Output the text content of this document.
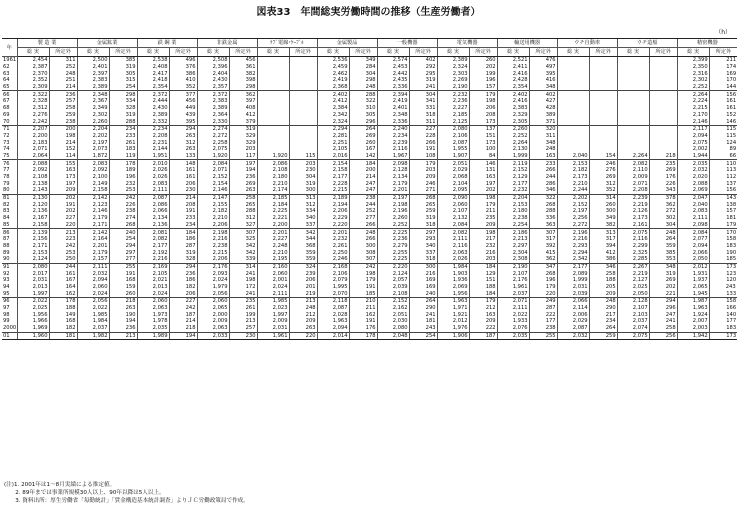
図表33　年間総実労働時間の推移（生産労働者）
（h）
年	製 造 業		金属鉱業		鉄 鋼 業		非鉄金属		ｹﾌﾞ電線･ｹｰﾌﾞﾙ		金属製品		一般機器		電気機器		輸送用機器		ウチ自動車		ウチ造船		精密機器		
	総 実	所定外	総 実	所定外	総 実	所定外	総 実	所定外	総 実	所定外	総 実	所定外	総 実	所定外	総 実	所定外	総 実	所定外	総 実	所定外	総 実	所定外	総 実	所定外	
1961	2,454	311	2,500	385	2,538	496	2,508	456			2,536	349	2,574	402	2,389	260	2,521	476					2,399	211	
62	2,387	252	2,401	319	2,408	376	2,396	361			2,459	284	2,453	292	2,324	202	2,411	497					2,350	174	
63	2,370	248	2,397	305	2,417	386	2,404	382			2,462	304	2,442	295	2,303	199	2,416	395					2,316	169	
64	2,352	251	2,383	315	2,418	410	2,430	398			2,419	298	2,435	319	2,269	196	2,428	416					2,302	170	
65	2,309	214	2,389	254	2,354	352	2,357	298			2,368	248	2,336	241	2,190	157	2,354	348					2,252	144	
66	2,322	236	2,348	298	2,372	377	2,372	362			2,402	288	2,394	304	2,232	179	2,402	402					2,264	156	
67	2,328	257	2,367	334	2,444	456	2,383	397			2,412	322	2,419	341	2,236	198	2,416	427					2,224	161	
68	2,312	258	2,349	328	2,430	449	2,389	408			2,384	310	2,401	331	2,227	206	2,383	428					2,215	161	
69	2,276	259	2,302	319	2,389	439	2,364	412			2,342	305	2,348	318	2,185	208	2,329	389					2,170	152	
70	2,242	238	2,260	288	2,332	395	2,330	379			2,324	296	2,336	311	2,125	173	2,305	371					2,146	146	
71	2,207	200	2,204	234	2,234	294	2,274	319			2,294	264	2,240	227	2,080	137	2,260	320					2,117	115	
72	2,200	198	2,202	233	2,208	263	2,272	329			2,281	269	2,234	228	2,106	151	2,252	311					2,094	115	
73	2,183	214	2,197	261	2,231	312	2,258	329			2,251	260	2,239	266	2,087	173	2,264	348					2,075	124	
74	2,071	152	2,073	183	2,144	263	2,075	203			2,105	167	2,116	191	1,955	100	2,130	248					2,002	89	
75	2,064	114	1,872	119	1,951	133	1,920	117	1,920	115	2,016	142	1,967	108	1,907	84	1,999	163	2,040	154	2,264	218	1,944	66	
76	2,088	155	2,083	178	2,010	148	2,084	197	2,086	203	2,154	184	2,098	179	2,051	146	2,119	233	2,153	246	2,082	235	2,035	110	
77	2,092	163	2,092	189	2,026	161	2,071	194	2,108	230	2,158	200	2,128	203	2,029	131	2,152	266	2,182	276	2,110	269	2,032	113	
78	2,108	173	2,100	196	2,026	161	2,152	236	2,180	304	2,177	214	2,134	209	2,068	163	2,129	244	2,173	269	2,009	176	2,020	112	
79	2,138	197	2,149	232	2,083	206	2,154	269	2,210	319	2,228	247	2,179	246	2,104	197	2,177	286	2,210	312	2,071	226	2,088	137	
80	2,143	209	2,158	253	2,111	230	2,146	263	2,174	300	2,215	247	2,201	271	2,095	202	2,232	346	2,244	352	2,208	343	2,069	156	
81	2,130	202	2,142	242	2,087	214	2,147	258	2,185	313	2,189	238	2,197	268	2,090	198	2,204	322	2,202	314	2,239	378	2,047	143	
82	2,120	191	2,123	226	2,086	208	2,155	265	2,184	312	2,194	244	2,198	265	2,060	179	2,153	268	2,152	260	2,219	362	2,040	138	
83	2,136	202	2,146	238	2,066	191	2,182	288	2,225	334	2,206	252	2,196	259	2,107	211	2,180	288	2,197	300	2,126	272	2,083	157	
84	2,167	227	2,179	274	2,134	233	2,210	312	2,221	340	2,229	277	2,260	319	2,132	235	2,238	336	2,256	349	2,173	302	2,111	181	
85	2,158	220	2,171	268	2,136	234	2,206	327	2,200	337	2,220	266	2,252	318	2,084	209	2,254	363	2,272	382	2,161	304	2,098	179	
86	2,139	213	2,142	240	2,081	184	2,198	307	2,201	342	2,201	248	2,225	297	2,082	198	2,186	307	2,196	313	2,075	248	2,084	170	
87	2,156	223	2,164	254	2,082	186	2,216	325	2,227	344	2,232	266	2,236	293	2,111	217	2,213	317	2,216	317	2,116	264	2,077	158	
88	2,171	242	2,201	294	2,177	287	2,238	342	2,248	368	2,261	300	2,279	340	2,116	232	2,297	392	2,293	394	2,299	359	2,094	183	
89	2,153	253	2,179	297	2,192	319	2,215	342	2,210	359	2,250	308	2,255	337	2,063	216	2,304	415	2,294	412	2,325	385	2,066	190	
90	2,124	250	2,157	277	2,216	328	2,206	339	2,195	359	2,246	307	2,225	318	2,026	203	2,308	362	2,342	386	2,285	353	2,050	185	
91	2,080	244	2,111	255	2,169	294	2,176	314	2,160	324	2,168	242	2,220	300	1,984	184	2,190	347	2,177	346	2,267	348	2,012	173	
92	2,017	161	2,032	191	2,105	236	2,093	241	2,060	239	2,106	198	2,124	216	1,903	129	2,107	268	2,089	258	2,219	319	1,931	123	
93	2,031	167	2,094	168	2,021	186	2,024	198	2,001	206	2,079	179	2,057	169	1,936	151	2,176	196	1,999	188	2,127	269	1,937	120	
94	2,013	164	2,060	159	2,013	182	1,979	172	2,024	201	1,995	191	2,039	169	2,069	188	1,961	179	2,031	205	2,025	202	2,065	243		
95	1,997	162	2,024	260	2,024	206	2,056	241	2,111	219	2,070	185	2,108	240	1,956	184	2,037	220	2,039	209	2,050	221	1,945	133	
96	2,022	178	2,056	218	2,060	227	2,060	235	1,985	213	2,118	210	2,152	264	1,963	179	2,071	249	2,066	248	2,128	294	1,987	158	
97	2,025	188	2,022	263	2,063	242	2,065	261	2,023	248	2,087	211	2,162	290	1,971	212	2,111	287	2,114	290	2,107	296	1,963	166	
98	1,956	149	1,985	190	1,973	187	2,000	199	1,997	212	2,028	162	2,051	241	1,921	163	2,022	222	2,006	217	2,103	247	1,924	140	
99	1,966	168	1,984	194	1,978	214	2,009	213	2,009	209	1,963	191	2,030	181	2,012	209	1,933	177	2,029	234	2,037	241	2,007	177	
2000	1,969	182	2,037	236	2,035	218	2,063	257	2,031	263	2,094	176	2,080	243	1,976	222	2,076	238	2,087	264	2,074	258	2,003	183	
01	1,960	181	1,982	213	1,989	194	2,033	230	1,961	220	2,014	178	2,048	254	1,906	187	2,035	255	2,032	259	2,075	256	1,942	173	
(注)1. 2001年は1～8月実績による推定値。
　　2. 89年までは事業所規模30人以上、90年以降は5人以上。
　　3. 資料出所：厚生労働省「毎勤統計」「賃金構造基本統計調査」よりＪＣ労働政策局で作成。
